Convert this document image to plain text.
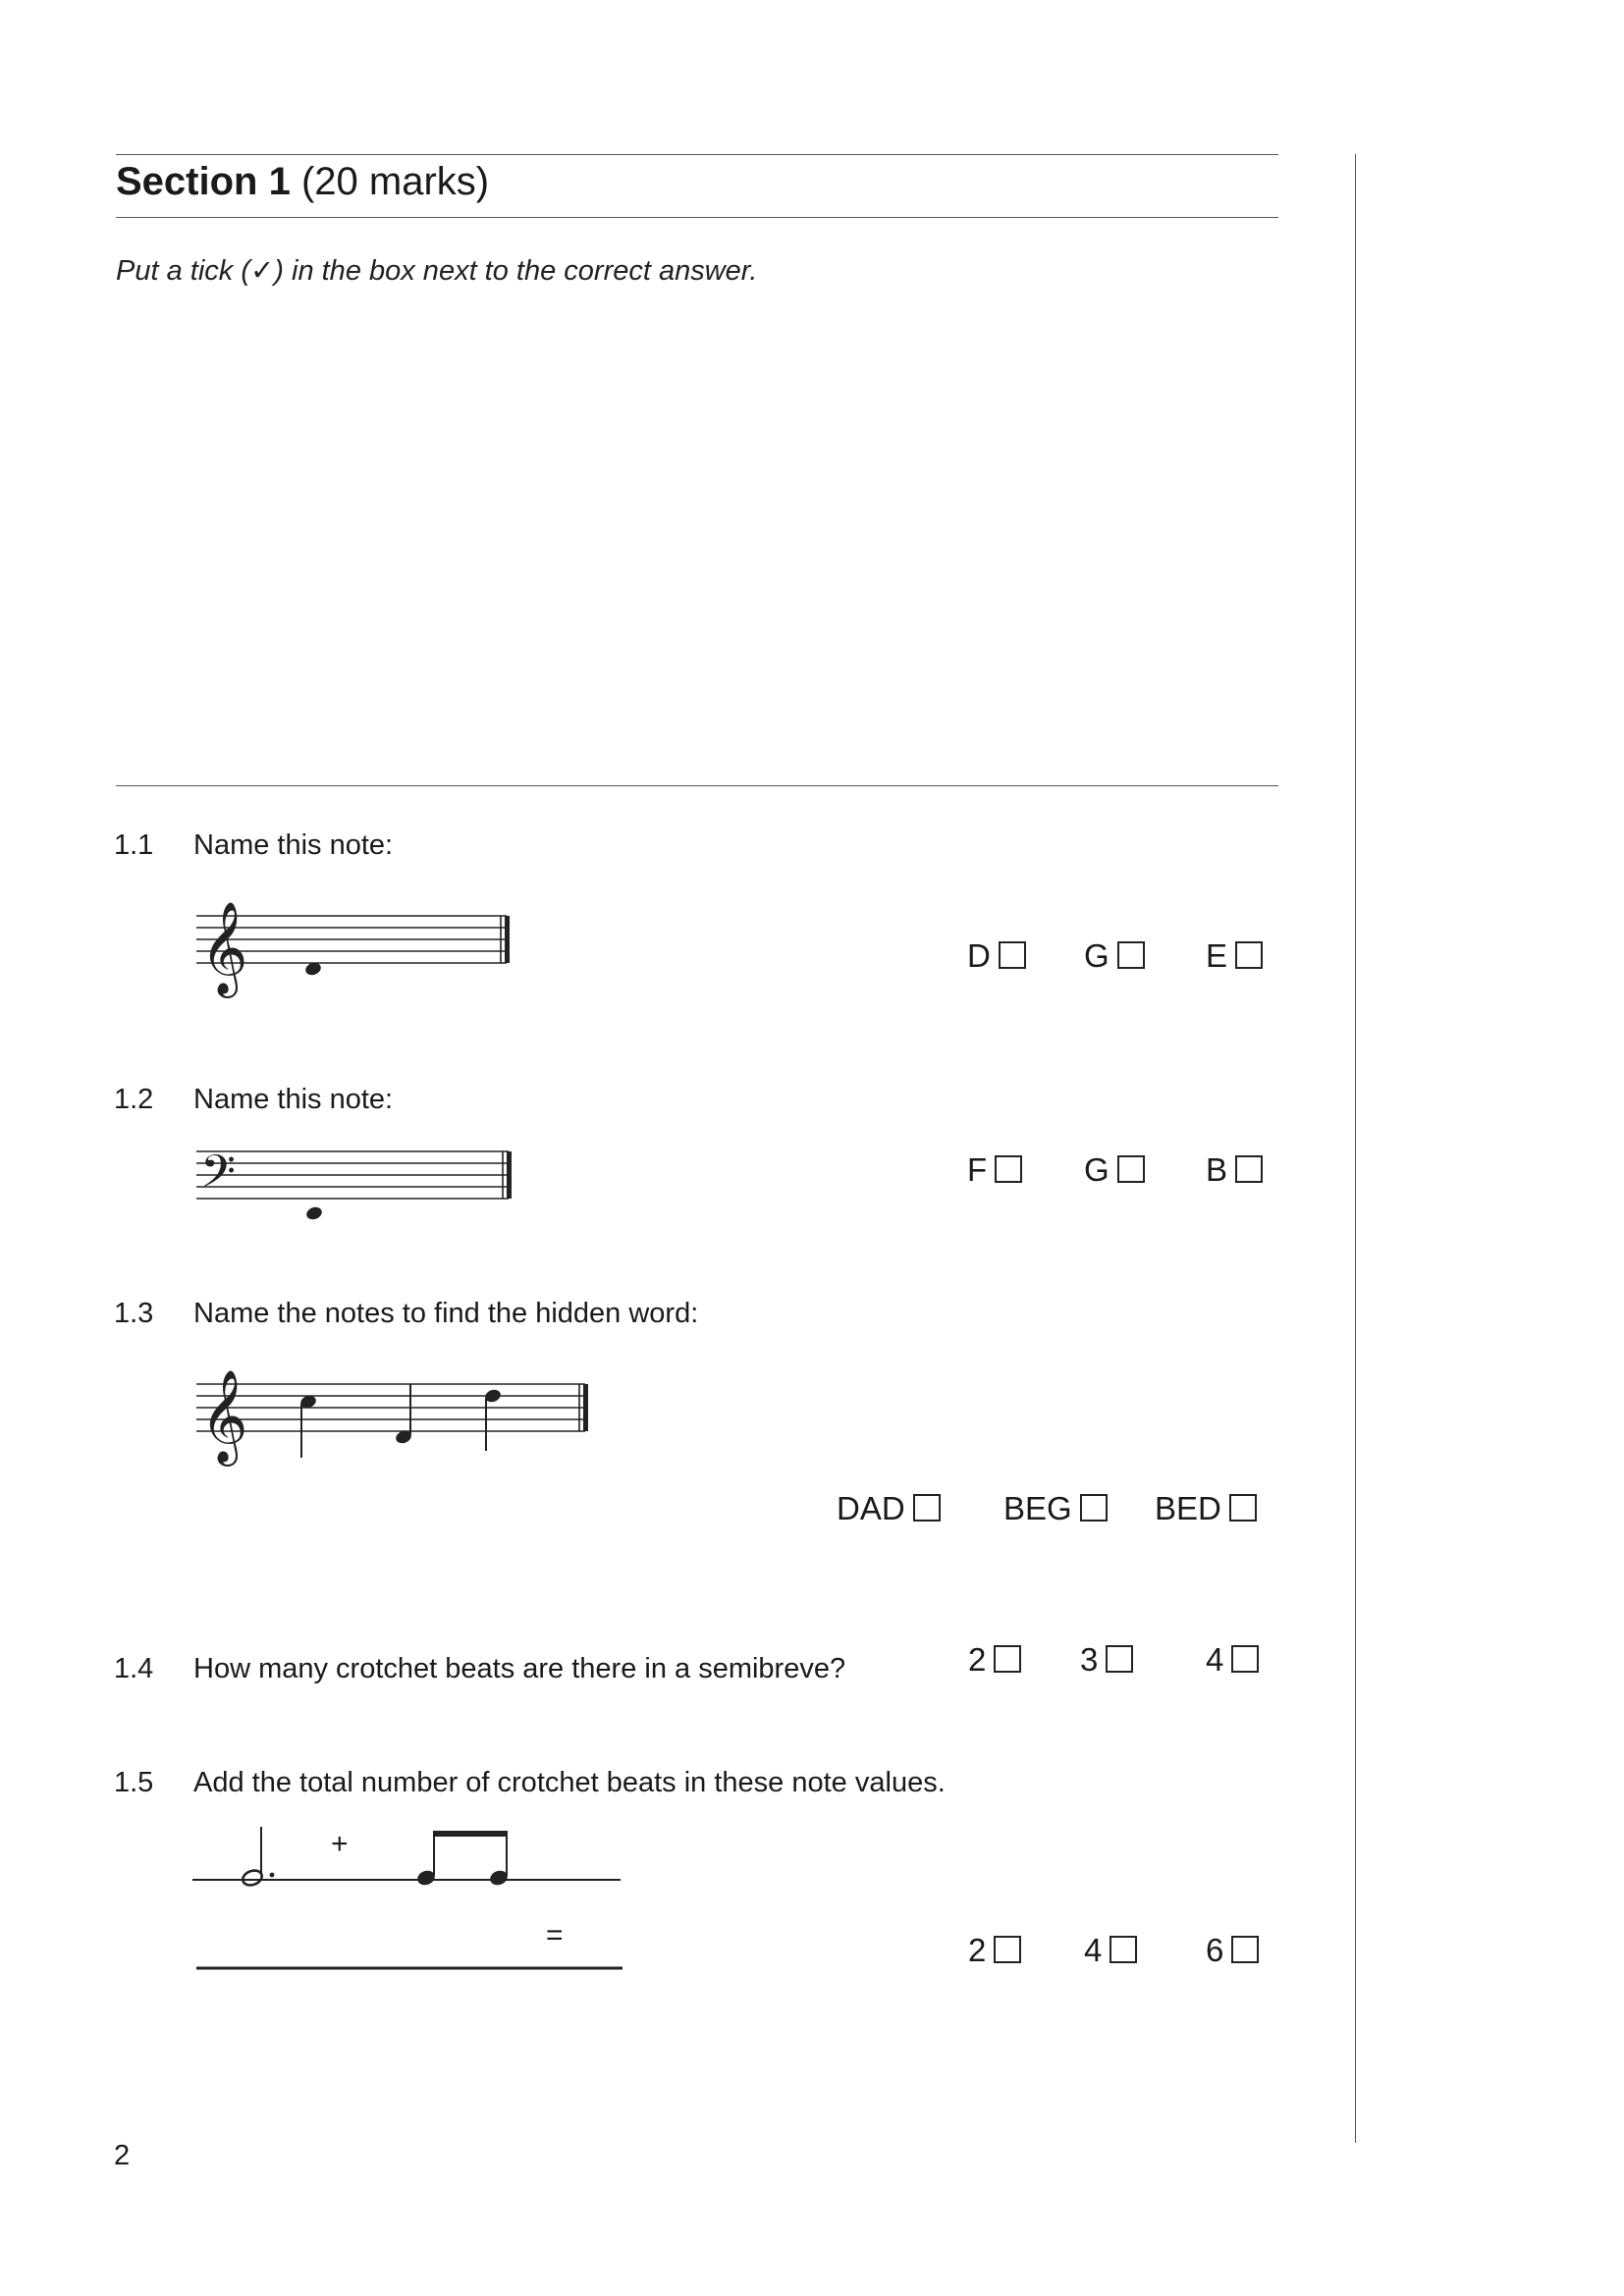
Section 1 (20 marks)
Put a tick (✓) in the box next to the correct answer.
1.1 Name this note:
𝄞	D	G	E
1.2 Name this note:
𝄢	F	G	B
1.3 Name the notes to find the hidden word:
𝄞
DAD	BEG	BED
1.4 How many crotchet beats are there in a semibreve?	2	3	4
1.5 Add the total number of crotchet beats in these note values.
+
=	2	4	6
2
